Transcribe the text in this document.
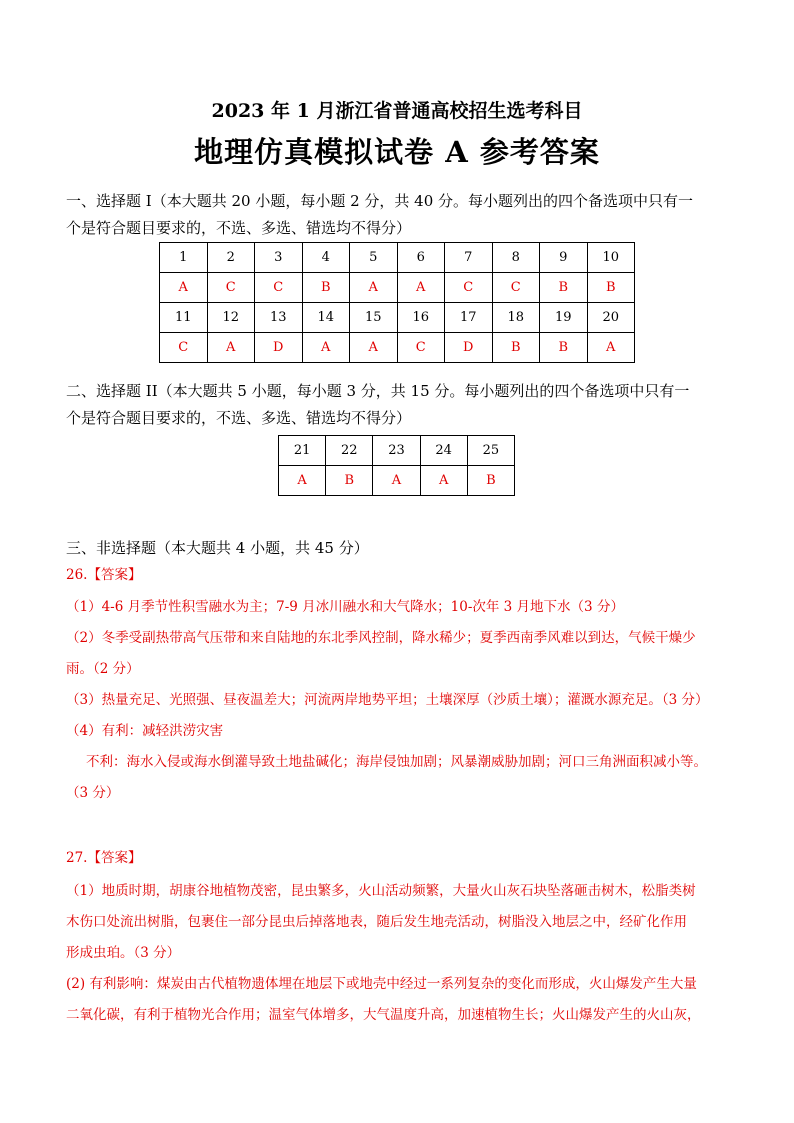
2023 年 1 月浙江省普通高校招生选考科目
地理仿真模拟试卷 A 参考答案
一、选择题 I（本大题共 20 小题，每小题 2 分，共 40 分。每小题列出的四个备选项中只有一
个是符合题目要求的，不选、多选、错选均不得分）
1	2	3	4	5	6	7	8	9	10
A	C	C	B	A	A	C	C	B	B
11	12	13	14	15	16	17	18	19	20
C	A	D	A	A	C	D	B	B	A
二、选择题 II（本大题共 5 小题，每小题 3 分，共 15 分。每小题列出的四个备选项中只有一
个是符合题目要求的，不选、多选、错选均不得分）
21	22	23	24	25
A	B	A	A	B
三、非选择题（本大题共 4 小题，共 45 分）
26.【答案】
（1）4-6 月季节性积雪融水为主；7-9 月冰川融水和大气降水；10-次年 3 月地下水（3 分）
（2）冬季受副热带高气压带和来自陆地的东北季风控制，降水稀少；夏季西南季风难以到达，气候干燥少
雨。（2 分）
（3）热量充足、光照强、昼夜温差大；河流两岸地势平坦；土壤深厚（沙质土壤）；灌溉水源充足。（3 分）
（4）有利：减轻洪涝灾害
不利：海水入侵或海水倒灌导致土地盐碱化；海岸侵蚀加剧；风暴潮威胁加剧；河口三角洲面积减小等。
（3 分）
27.【答案】
（1）地质时期，胡康谷地植物茂密，昆虫繁多，火山活动频繁，大量火山灰石块坠落砸击树木，松脂类树
木伤口处流出树脂，包裹住一部分昆虫后掉落地表，随后发生地壳活动，树脂没入地层之中，经矿化作用
形成虫珀。（3 分）
(2) 有利影响：煤炭由古代植物遗体埋在地层下或地壳中经过一系列复杂的变化而形成，火山爆发产生大量
二氧化碳，有利于植物光合作用；温室气体增多，大气温度升高，加速植物生长；火山爆发产生的火山灰，
